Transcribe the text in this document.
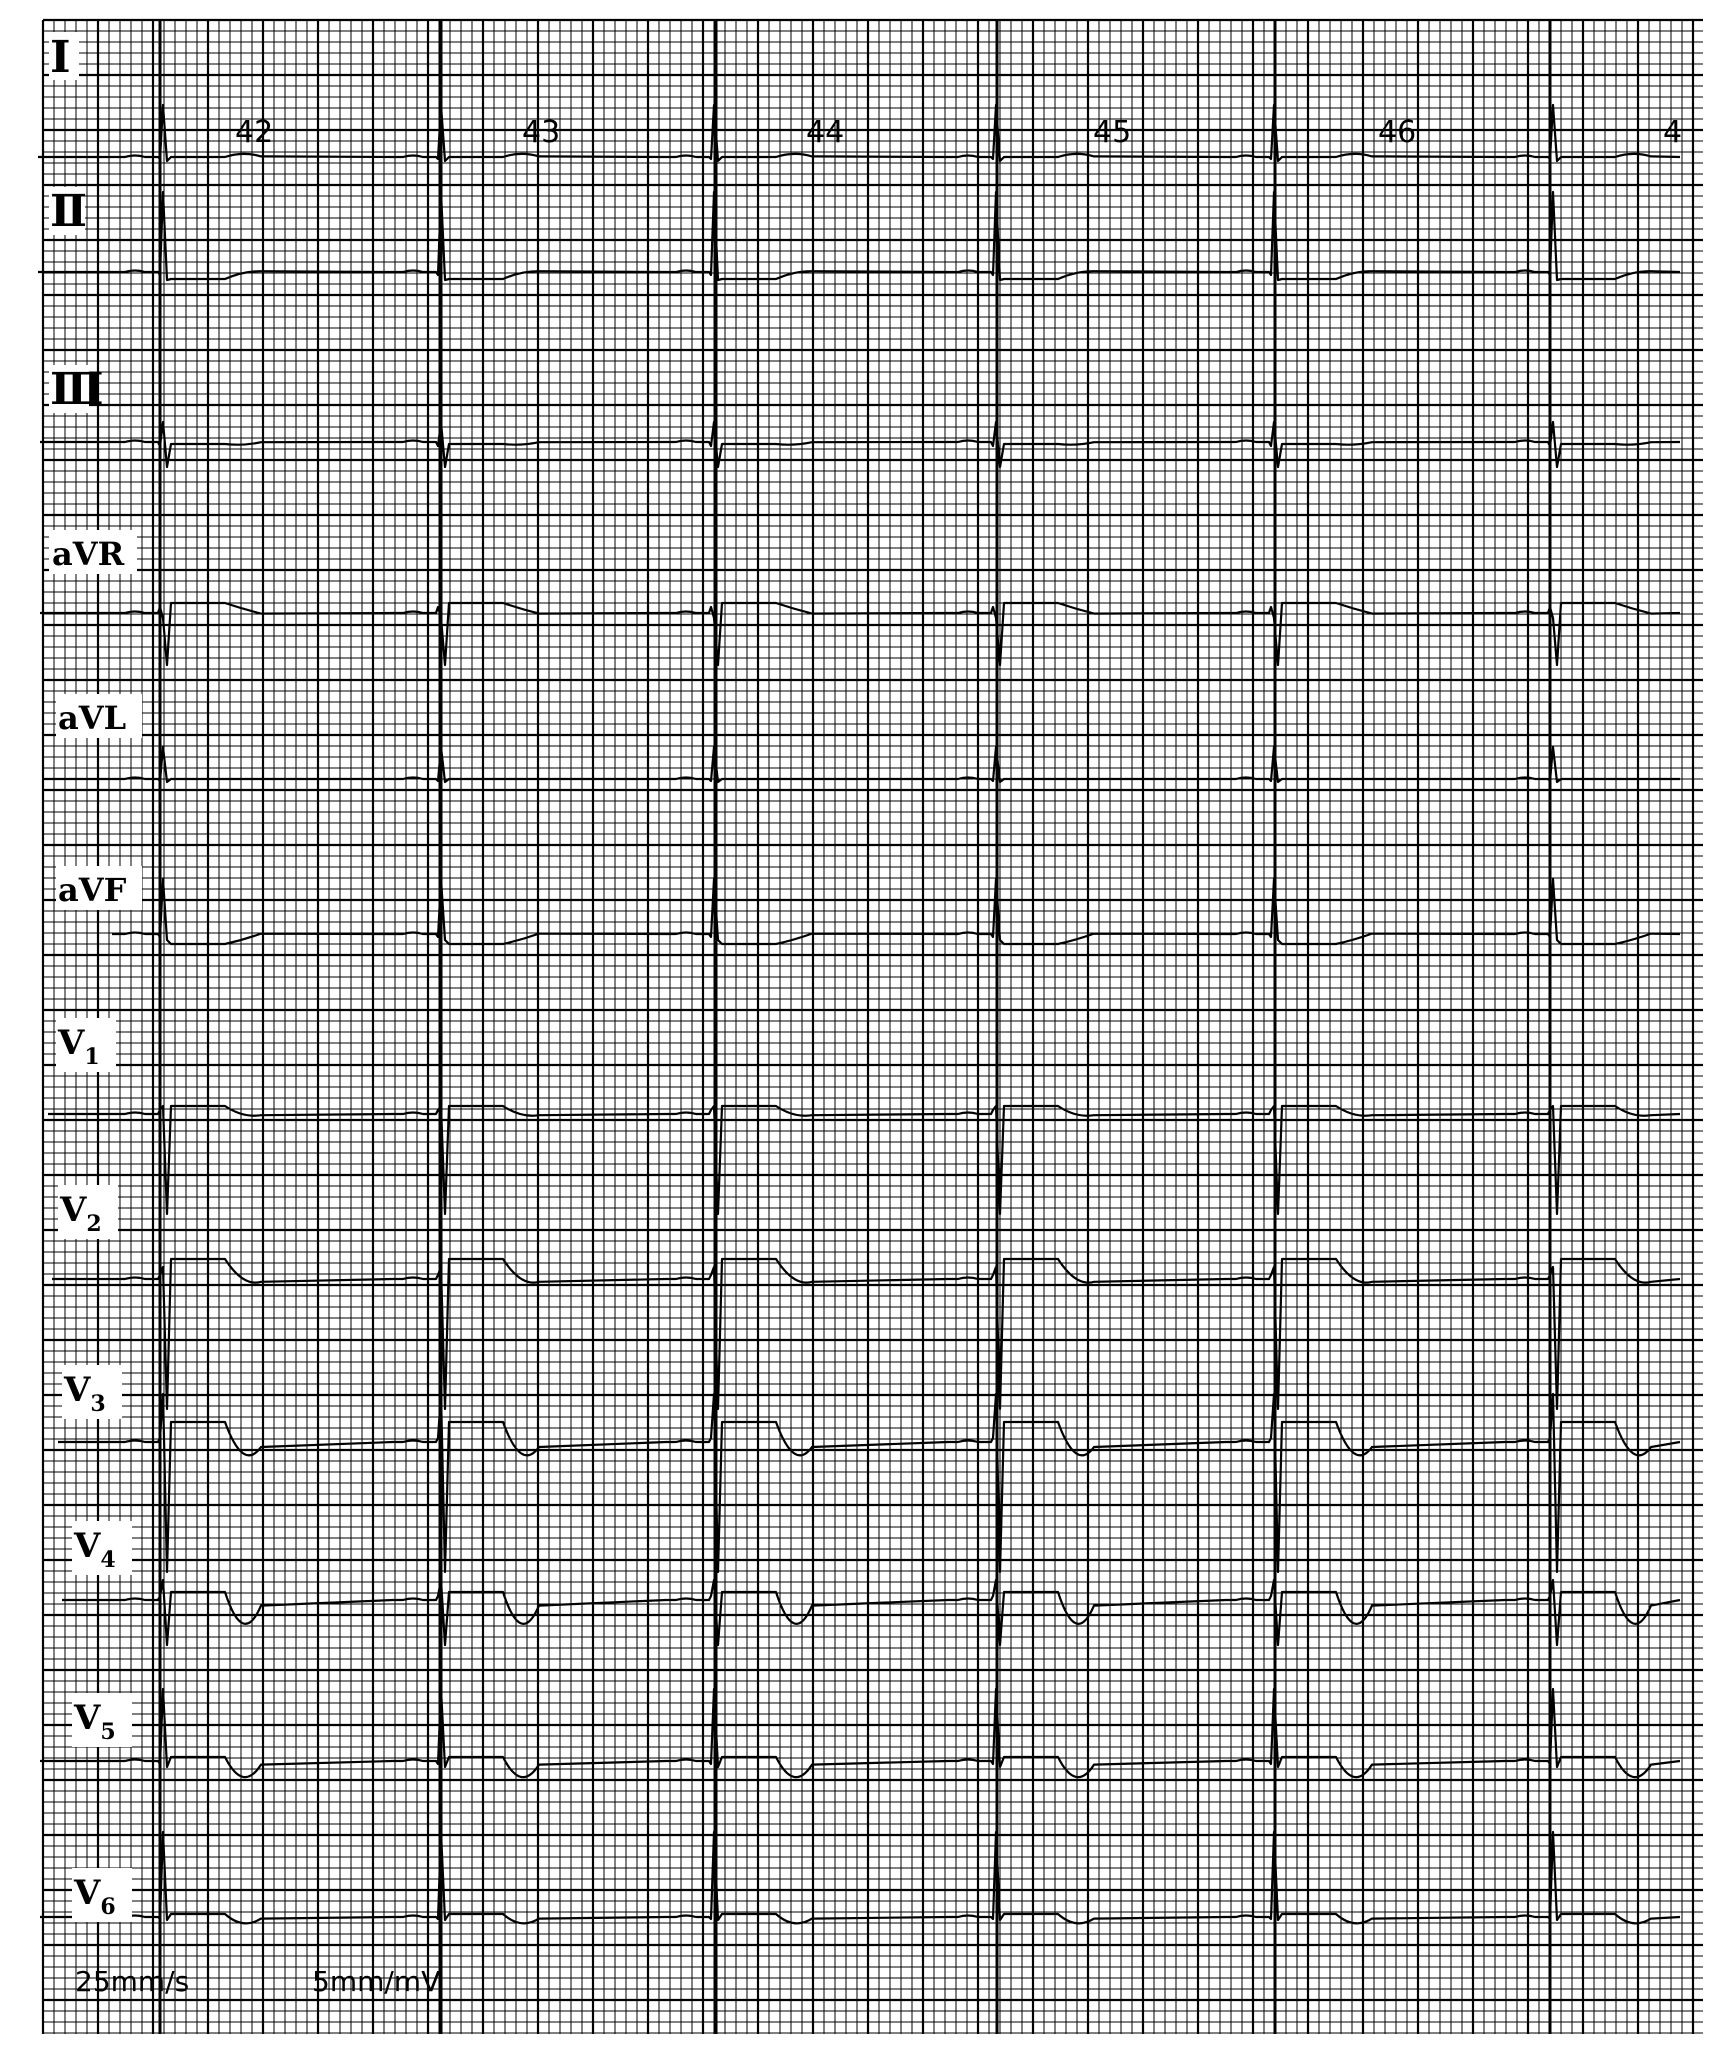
Ⅰ
Ⅱ
Ⅲ
aVR
aVL
aVF
$V_1$
$V_2$
$V_3$
$V_4$
$V_5$
$V_6$
42	43	44	45	46	4
25mm/s	5mm/mV
